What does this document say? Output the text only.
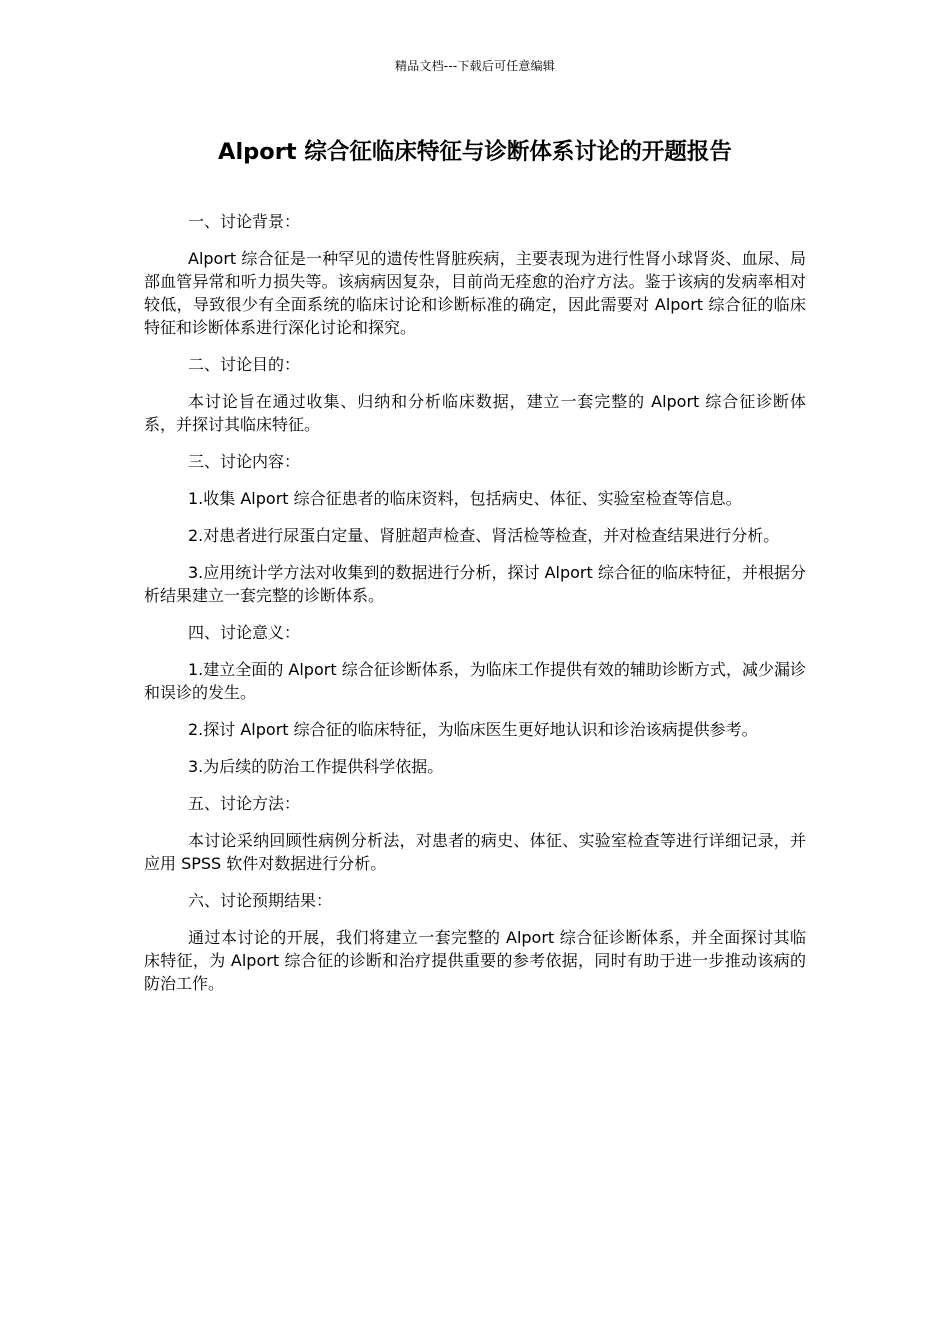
精品文档---下载后可任意编辑
Alport 综合征临床特征与诊断体系讨论的开题报告

一、讨论背景：

Alport 综合征是一种罕见的遗传性肾脏疾病，主要表现为进行性肾小球肾炎、血尿、局部血管异常和听力损失等。该病病因复杂，目前尚无痊愈的治疗方法。鉴于该病的发病率相对较低，导致很少有全面系统的临床讨论和诊断标准的确定，因此需要对 Alport 综合征的临床特征和诊断体系进行深化讨论和探究。

二、讨论目的：

本讨论旨在通过收集、归纳和分析临床数据，建立一套完整的 Alport 综合征诊断体系，并探讨其临床特征。

三、讨论内容：

1.收集 Alport 综合征患者的临床资料，包括病史、体征、实验室检查等信息。

2.对患者进行尿蛋白定量、肾脏超声检查、肾活检等检查，并对检查结果进行分析。

3.应用统计学方法对收集到的数据进行分析，探讨 Alport 综合征的临床特征，并根据分析结果建立一套完整的诊断体系。

四、讨论意义：

1.建立全面的 Alport 综合征诊断体系，为临床工作提供有效的辅助诊断方式，减少漏诊和误诊的发生。

2.探讨 Alport 综合征的临床特征，为临床医生更好地认识和诊治该病提供参考。

3.为后续的防治工作提供科学依据。

五、讨论方法：

本讨论采纳回顾性病例分析法，对患者的病史、体征、实验室检查等进行详细记录，并应用 SPSS 软件对数据进行分析。

六、讨论预期结果：

通过本讨论的开展，我们将建立一套完整的 Alport 综合征诊断体系，并全面探讨其临床特征，为 Alport 综合征的诊断和治疗提供重要的参考依据，同时有助于进一步推动该病的防治工作。
